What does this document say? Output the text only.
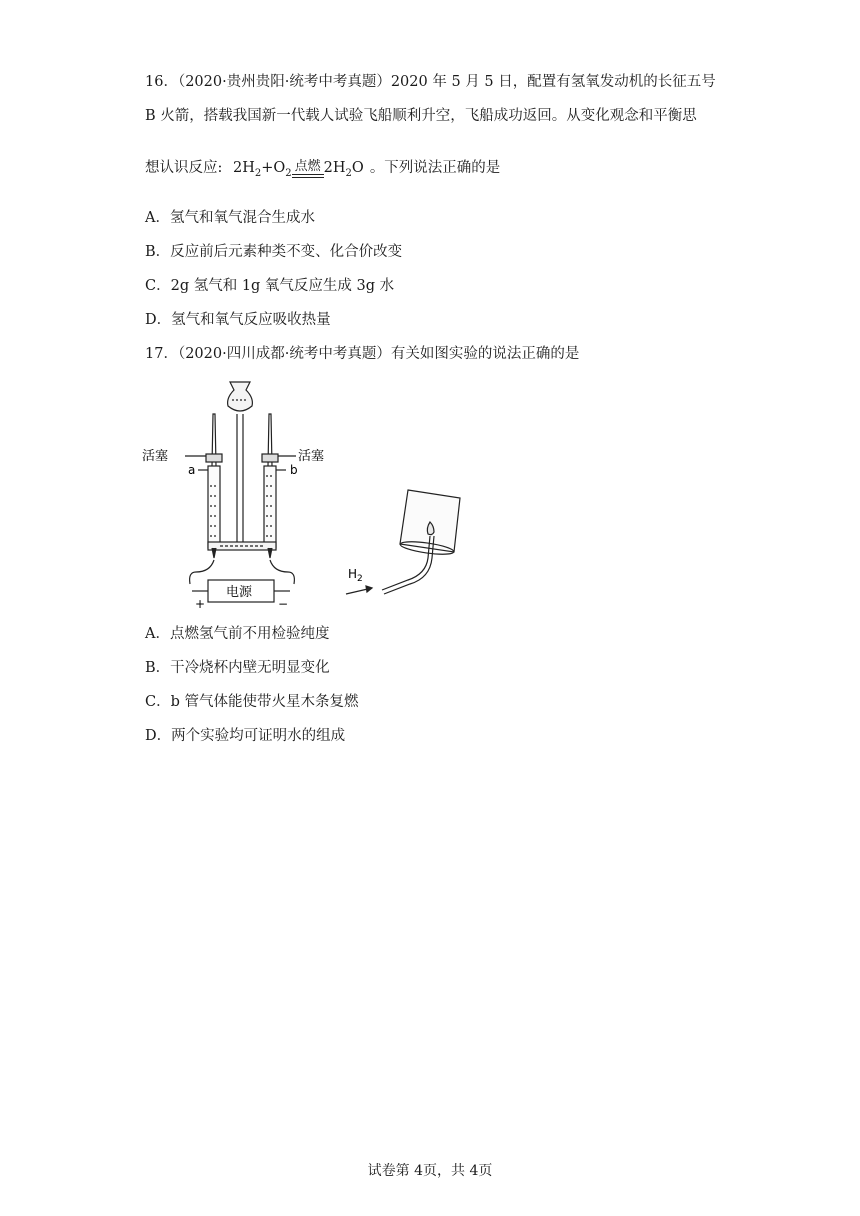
16．（2020·贵州贵阳·统考中考真题）2020 年 5 月 5 日，配置有氢氧发动机的长征五号
B 火箭，搭载我国新一代载人试验飞船顺利升空，飞船成功返回。从变化观念和平衡思
想认识反应: $2H_2+O_2$ 点燃 $2H_2O$ 。下列说法正确的是
A．氢气和氧气混合生成水
B．反应前后元素种类不变、化合价改变
C．2g 氢气和 1g 氧气反应生成 3g 水
D．氢气和氧气反应吸收热量
17．（2020·四川成都·统考中考真题）有关如图实验的说法正确的是
活塞	活塞
a	b
电源
+	−
$H_2$
A．点燃氢气前不用检验纯度
B．干冷烧杯内壁无明显变化
C．b 管气体能使带火星木条复燃
D．两个实验均可证明水的组成
试卷第 4页，共 4页
